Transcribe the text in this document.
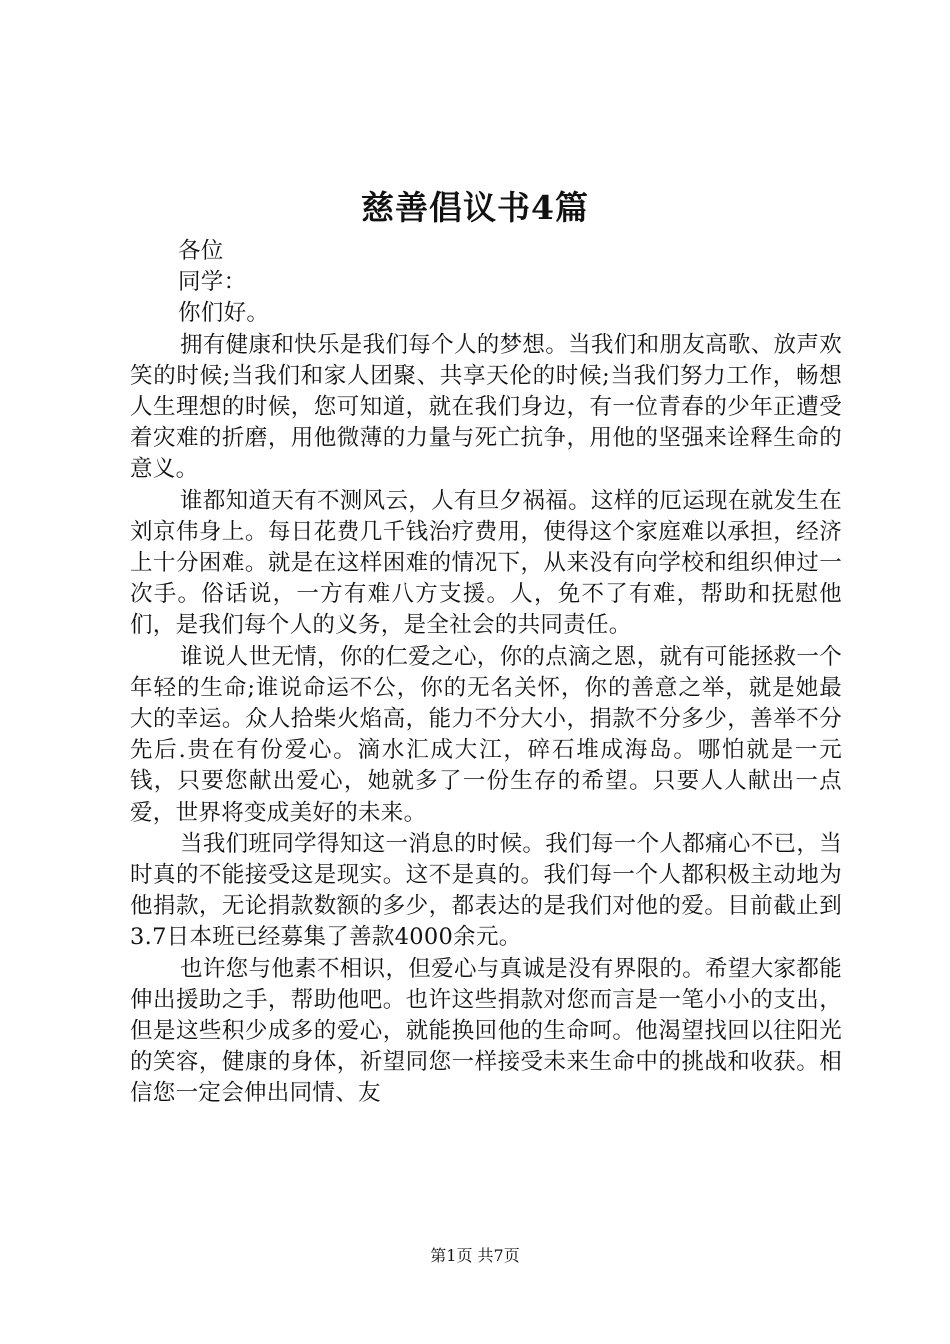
慈善倡议书4篇

各位

同学：

你们好。

拥有健康和快乐是我们每个人的梦想。当我们和朋友高歌、放声欢笑的时候;当我们和家人团聚、共享天伦的时候;当我们努力工作，畅想人生理想的时候，您可知道，就在我们身边，有一位青春的少年正遭受着灾难的折磨，用他微薄的力量与死亡抗争，用他的坚强来诠释生命的意义。

谁都知道天有不测风云，人有旦夕祸福。这样的厄运现在就发生在刘京伟身上。每日花费几千钱治疗费用，使得这个家庭难以承担，经济上十分困难。就是在这样困难的情况下，从来没有向学校和组织伸过一次手。俗话说，一方有难八方支援。人，免不了有难，帮助和抚慰他们，是我们每个人的义务，是全社会的共同责任。

谁说人世无情，你的仁爱之心，你的点滴之恩，就有可能拯救一个年轻的生命;谁说命运不公，你的无名关怀，你的善意之举，就是她最大的幸运。众人拾柴火焰高，能力不分大小，捐款不分多少，善举不分先后.贵在有份爱心。滴水汇成大江，碎石堆成海岛。哪怕就是一元钱，只要您献出爱心，她就多了一份生存的希望。只要人人献出一点爱，世界将变成美好的未来。

当我们班同学得知这一消息的时候。我们每一个人都痛心不已，当时真的不能接受这是现实。这不是真的。我们每一个人都积极主动地为他捐款，无论捐款数额的多少，都表达的是我们对他的爱。目前截止到3.7日本班已经募集了善款4000余元。

也许您与他素不相识，但爱心与真诚是没有界限的。希望大家都能伸出援助之手，帮助他吧。也许这些捐款对您而言是一笔小小的支出，但是这些积少成多的爱心，就能换回他的生命呵。他渴望找回以往阳光的笑容，健康的身体，祈望同您一样接受未来生命中的挑战和收获。相信您一定会伸出同情、友

第1页 共7页
